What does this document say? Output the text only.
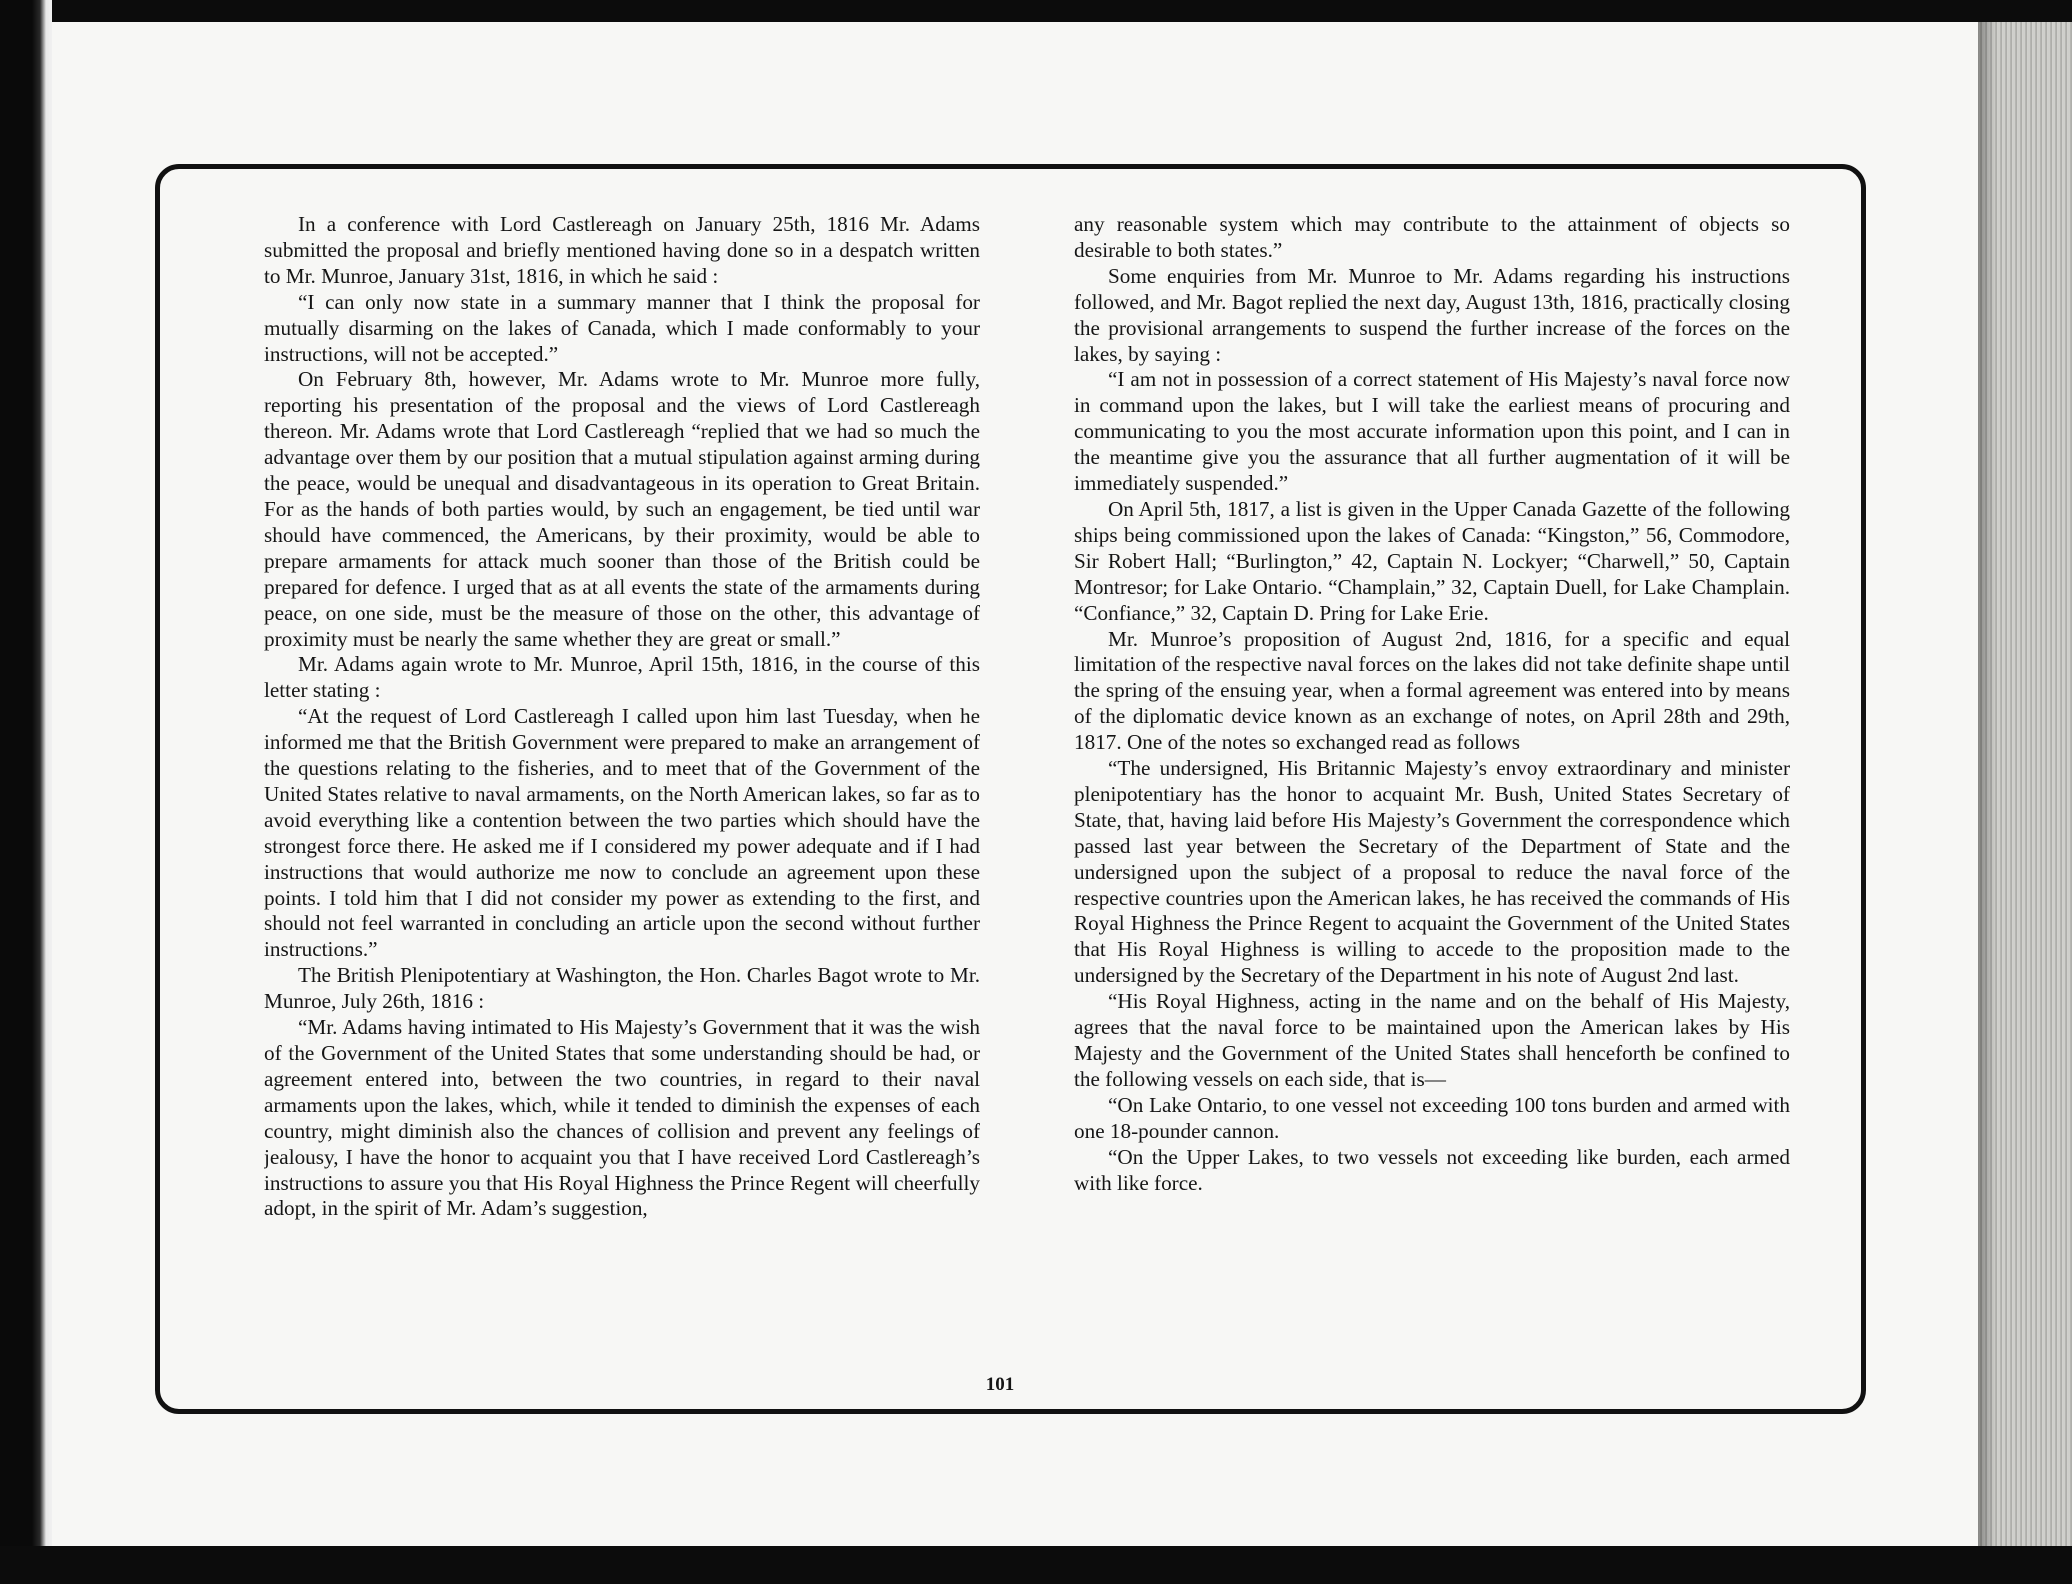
In a conference with Lord Castlereagh on January 25th, 1816 Mr. Adams submitted the proposal and briefly mentioned having done so in a despatch written to Mr. Munroe, January 31st, 1816, in which he said :

“I can only now state in a summary manner that I think the proposal for mutually disarming on the lakes of Canada, which I made conformably to your instructions, will not be accepted.”

On February 8th, however, Mr. Adams wrote to Mr. Munroe more fully, reporting his presentation of the proposal and the views of Lord Castlereagh thereon. Mr. Adams wrote that Lord Castlereagh “replied that we had so much the advantage over them by our position that a mutual stipulation against arming during the peace, would be unequal and disadvantageous in its operation to Great Britain. For as the hands of both parties would, by such an engagement, be tied until war should have commenced, the Americans, by their proximity, would be able to prepare armaments for attack much sooner than those of the British could be prepared for defence. I urged that as at all events the state of the armaments during peace, on one side, must be the measure of those on the other, this advantage of proximity must be nearly the same whether they are great or small.”

Mr. Adams again wrote to Mr. Munroe, April 15th, 1816, in the course of this letter stating :

“At the request of Lord Castlereagh I called upon him last Tuesday, when he informed me that the British Government were prepared to make an arrangement of the questions relating to the fisheries, and to meet that of the Government of the United States relative to naval armaments, on the North American lakes, so far as to avoid everything like a contention between the two parties which should have the strongest force there. He asked me if I considered my power adequate and if I had instructions that would authorize me now to conclude an agreement upon these points. I told him that I did not consider my power as extending to the first, and should not feel warranted in concluding an article upon the second without further instructions.”

The British Plenipotentiary at Washington, the Hon. Charles Bagot wrote to Mr. Munroe, July 26th, 1816 :

“Mr. Adams having intimated to His Majesty’s Government that it was the wish of the Government of the United States that some understanding should be had, or agreement entered into, between the two countries, in regard to their naval armaments upon the lakes, which, while it tended to diminish the expenses of each country, might diminish also the chances of collision and prevent any feelings of jealousy, I have the honor to acquaint you that I have received Lord Castlereagh’s instructions to assure you that His Royal Highness the Prince Regent will cheerfully adopt, in the spirit of Mr. Adam’s suggestion,

any reasonable system which may contribute to the attainment of objects so desirable to both states.”

Some enquiries from Mr. Munroe to Mr. Adams regarding his instructions followed, and Mr. Bagot replied the next day, August 13th, 1816, practically closing the provisional arrangements to suspend the further increase of the forces on the lakes, by saying :

“I am not in possession of a correct statement of His Majesty’s naval force now in command upon the lakes, but I will take the earliest means of procuring and communicating to you the most accurate information upon this point, and I can in the meantime give you the assurance that all further augmentation of it will be immediately suspended.”

On April 5th, 1817, a list is given in the Upper Canada Gazette of the following ships being commissioned upon the lakes of Canada: “Kingston,” 56, Commodore, Sir Robert Hall; “Burlington,” 42, Captain N. Lockyer; “Charwell,” 50, Captain Montresor; for Lake Ontario. “Champlain,” 32, Captain Duell, for Lake Champlain. “Confiance,” 32, Captain D. Pring for Lake Erie.

Mr. Munroe’s proposition of August 2nd, 1816, for a specific and equal limitation of the respective naval forces on the lakes did not take definite shape until the spring of the ensuing year, when a formal agreement was entered into by means of the diplomatic device known as an exchange of notes, on April 28th and 29th, 1817. One of the notes so exchanged read as follows

“The undersigned, His Britannic Majesty’s envoy extraordinary and minister plenipotentiary has the honor to acquaint Mr. Bush, United States Secretary of State, that, having laid before His Majesty’s Government the correspondence which passed last year between the Secretary of the Department of State and the undersigned upon the subject of a proposal to reduce the naval force of the respective countries upon the American lakes, he has received the commands of His Royal Highness the Prince Regent to acquaint the Government of the United States that His Royal Highness is willing to accede to the proposition made to the undersigned by the Secretary of the Department in his note of August 2nd last.

“His Royal Highness, acting in the name and on the behalf of His Majesty, agrees that the naval force to be maintained upon the American lakes by His Majesty and the Government of the United States shall henceforth be confined to the following vessels on each side, that is—

“On Lake Ontario, to one vessel not exceeding 100 tons burden and armed with one 18-pounder cannon.

“On the Upper Lakes, to two vessels not exceeding like burden, each armed with like force.

101
